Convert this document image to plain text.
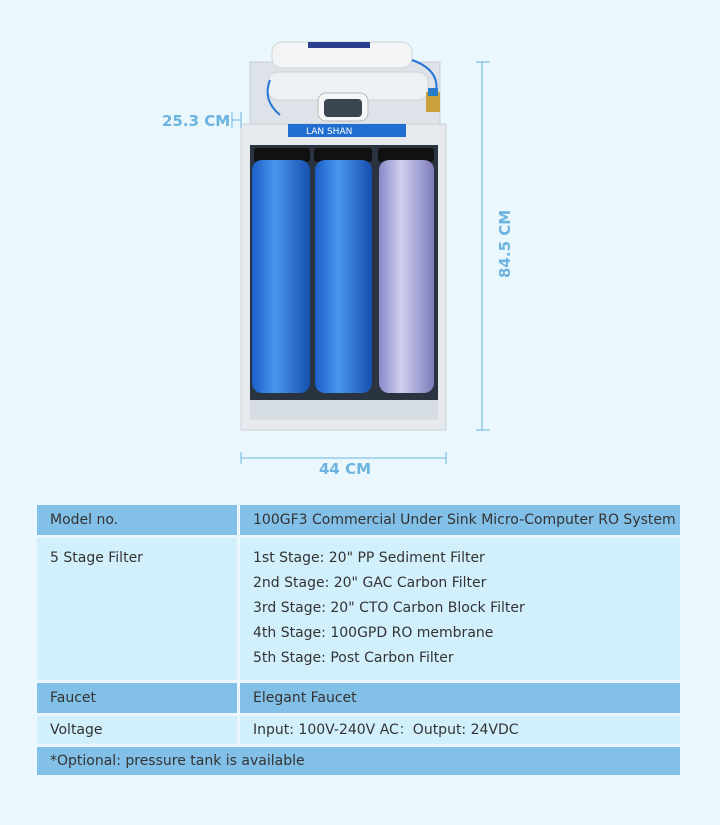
LAN SHAN
25.3 CM
84.5 CM
44 CM
Model no.	100GF3 Commercial Under Sink Micro-Computer RO System
5 Stage Filter	1st Stage: 20" PP Sediment Filter
2nd Stage: 20" GAC Carbon Filter
3rd Stage: 20" CTO Carbon Block Filter
4th Stage: 100GPD RO membrane
5th Stage: Post Carbon Filter
Faucet	Elegant Faucet
Voltage	Input: 100V-240V AC：Output: 24VDC
*Optional: pressure tank is available
